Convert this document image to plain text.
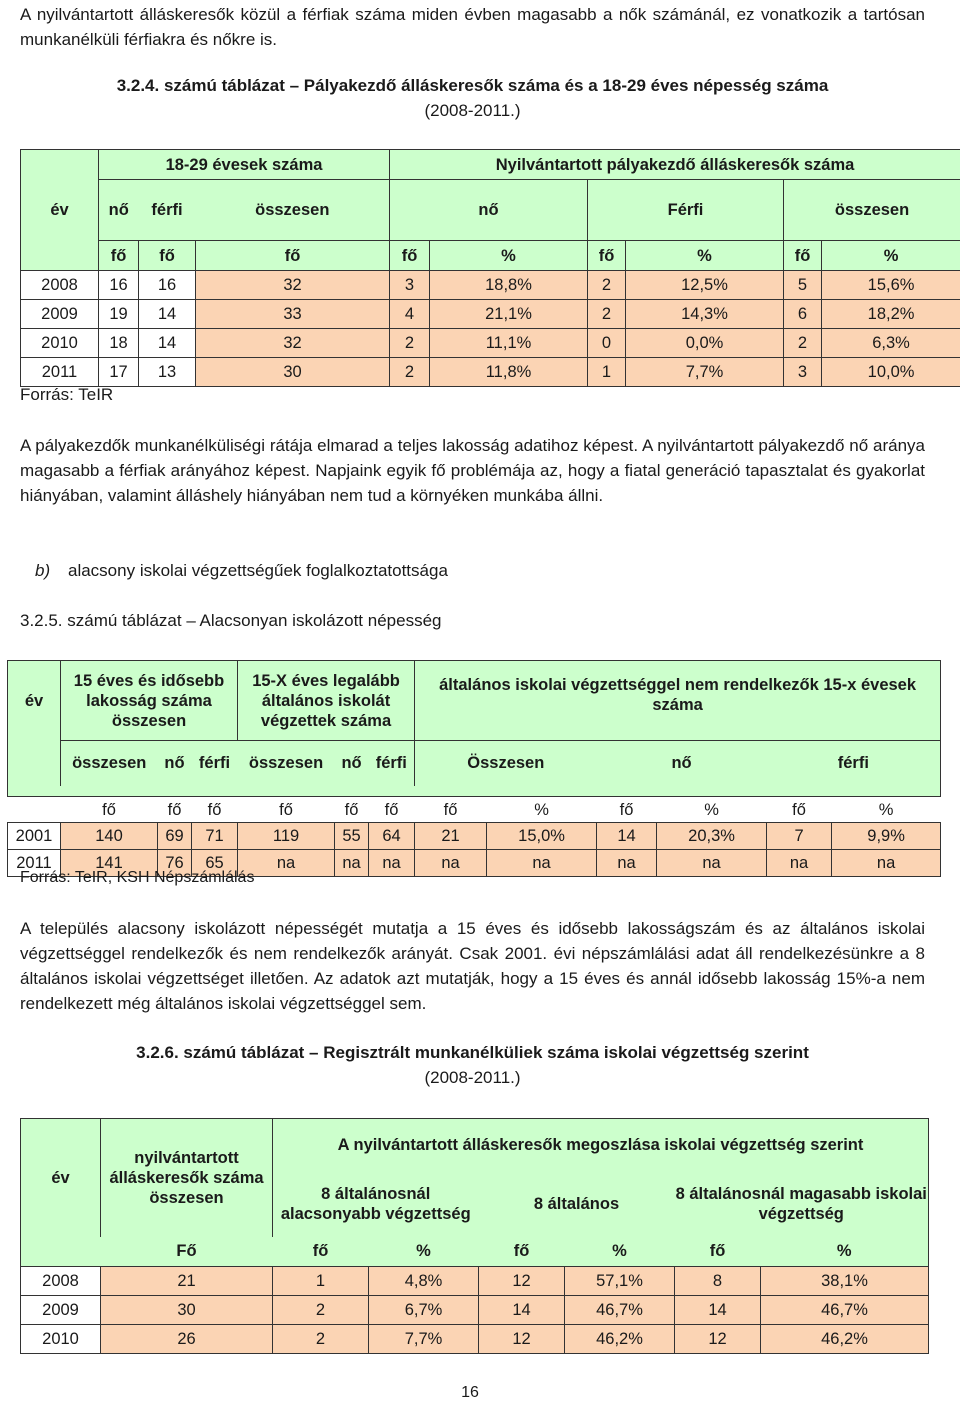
A nyilvántartott álláskeresők közül a férfiak száma miden évben magasabb a nők számánál, ez vonatkozik a tartósan munkanélküli férfiakra és nőkre is.
3.2.4. számú táblázat – Pályakezdő álláskeresők száma és a 18-29 éves népesség száma
(2008-2011.)
	18-29 évesek száma			Nyilvántartott pályakezdő álláskeresők száma					
év	nő	férfi	összesen	nő		Férfi		összesen	
	fő	fő	fő	fő	%	fő	%	fő	%
2008	16	16	32	3	18,8%	2	12,5%	5	15,6%
2009	19	14	33	4	21,1%	2	14,3%	6	18,2%
2010	18	14	32	2	11,1%	0	0,0%	2	6,3%
2011	17	13	30	2	11,8%	1	7,7%	3	10,0%
Forrás: TeIR
A pályakezdők munkanélküliségi rátája elmarad a teljes lakosság adatihoz képest. A nyilvántartott pályakezdő nő aránya magasabb a férfiak arányához képest. Napjaink egyik fő problémája az, hogy a fiatal generáció tapasztalat és gyakorlat hiányában, valamint álláshely hiányában nem tud a környéken munkába állni.
b) alacsony iskolai végzettségűek foglalkoztatottsága
3.2.5. számú táblázat – Alacsonyan iskolázott népesség
év	15 éves és idősebb lakosság száma összesen			15-X éves legalább általános iskolát végzettek száma			általános iskolai végzettséggel nem rendelkezők 15-x évesek száma					
	összesen	nő	férfi	összesen	nő	férfi	Összesen		nő		férfi	

	fő	fő	fő	fő	fő	fő	fő	%	fő	%	fő	%
2001	140	69	71	119	55	64	21	15,0%	14	20,3%	7	9,9%
2011	141	76	65	na	na	na	na	na	na	na	na	na
Forrás: TeIR, KSH Népszámlálás
A település alacsony iskolázott népességét mutatja a 15 éves és idősebb lakosságszám és az általános iskolai végzettséggel rendelkezők és nem rendelkezők arányát. Csak 2001. évi népszámlálási adat áll rendelkezésünkre a 8 általános iskolai végzettséget illetően. Az adatok azt mutatják, hogy a 15 éves és annál idősebb lakosság 15%-a nem rendelkezett még általános iskolai végzettséggel sem.
3.2.6. számú táblázat – Regisztrált munkanélküliek száma iskolai végzettség szerint
(2008-2011.)
év	nyilvántartott álláskeresők száma összesen	A nyilvántartott álláskeresők megoszlása iskolai végzettség szerint					
		8 általánosnál alacsonyabb végzettség		8 általános		8 általánosnál magasabb iskolai végzettség	
	Fő	fő	%	fő	%	fő	%
2008	21	1	4,8%	12	57,1%	8	38,1%
2009	30	2	6,7%	14	46,7%	14	46,7%
2010	26	2	7,7%	12	46,2%	12	46,2%
16
